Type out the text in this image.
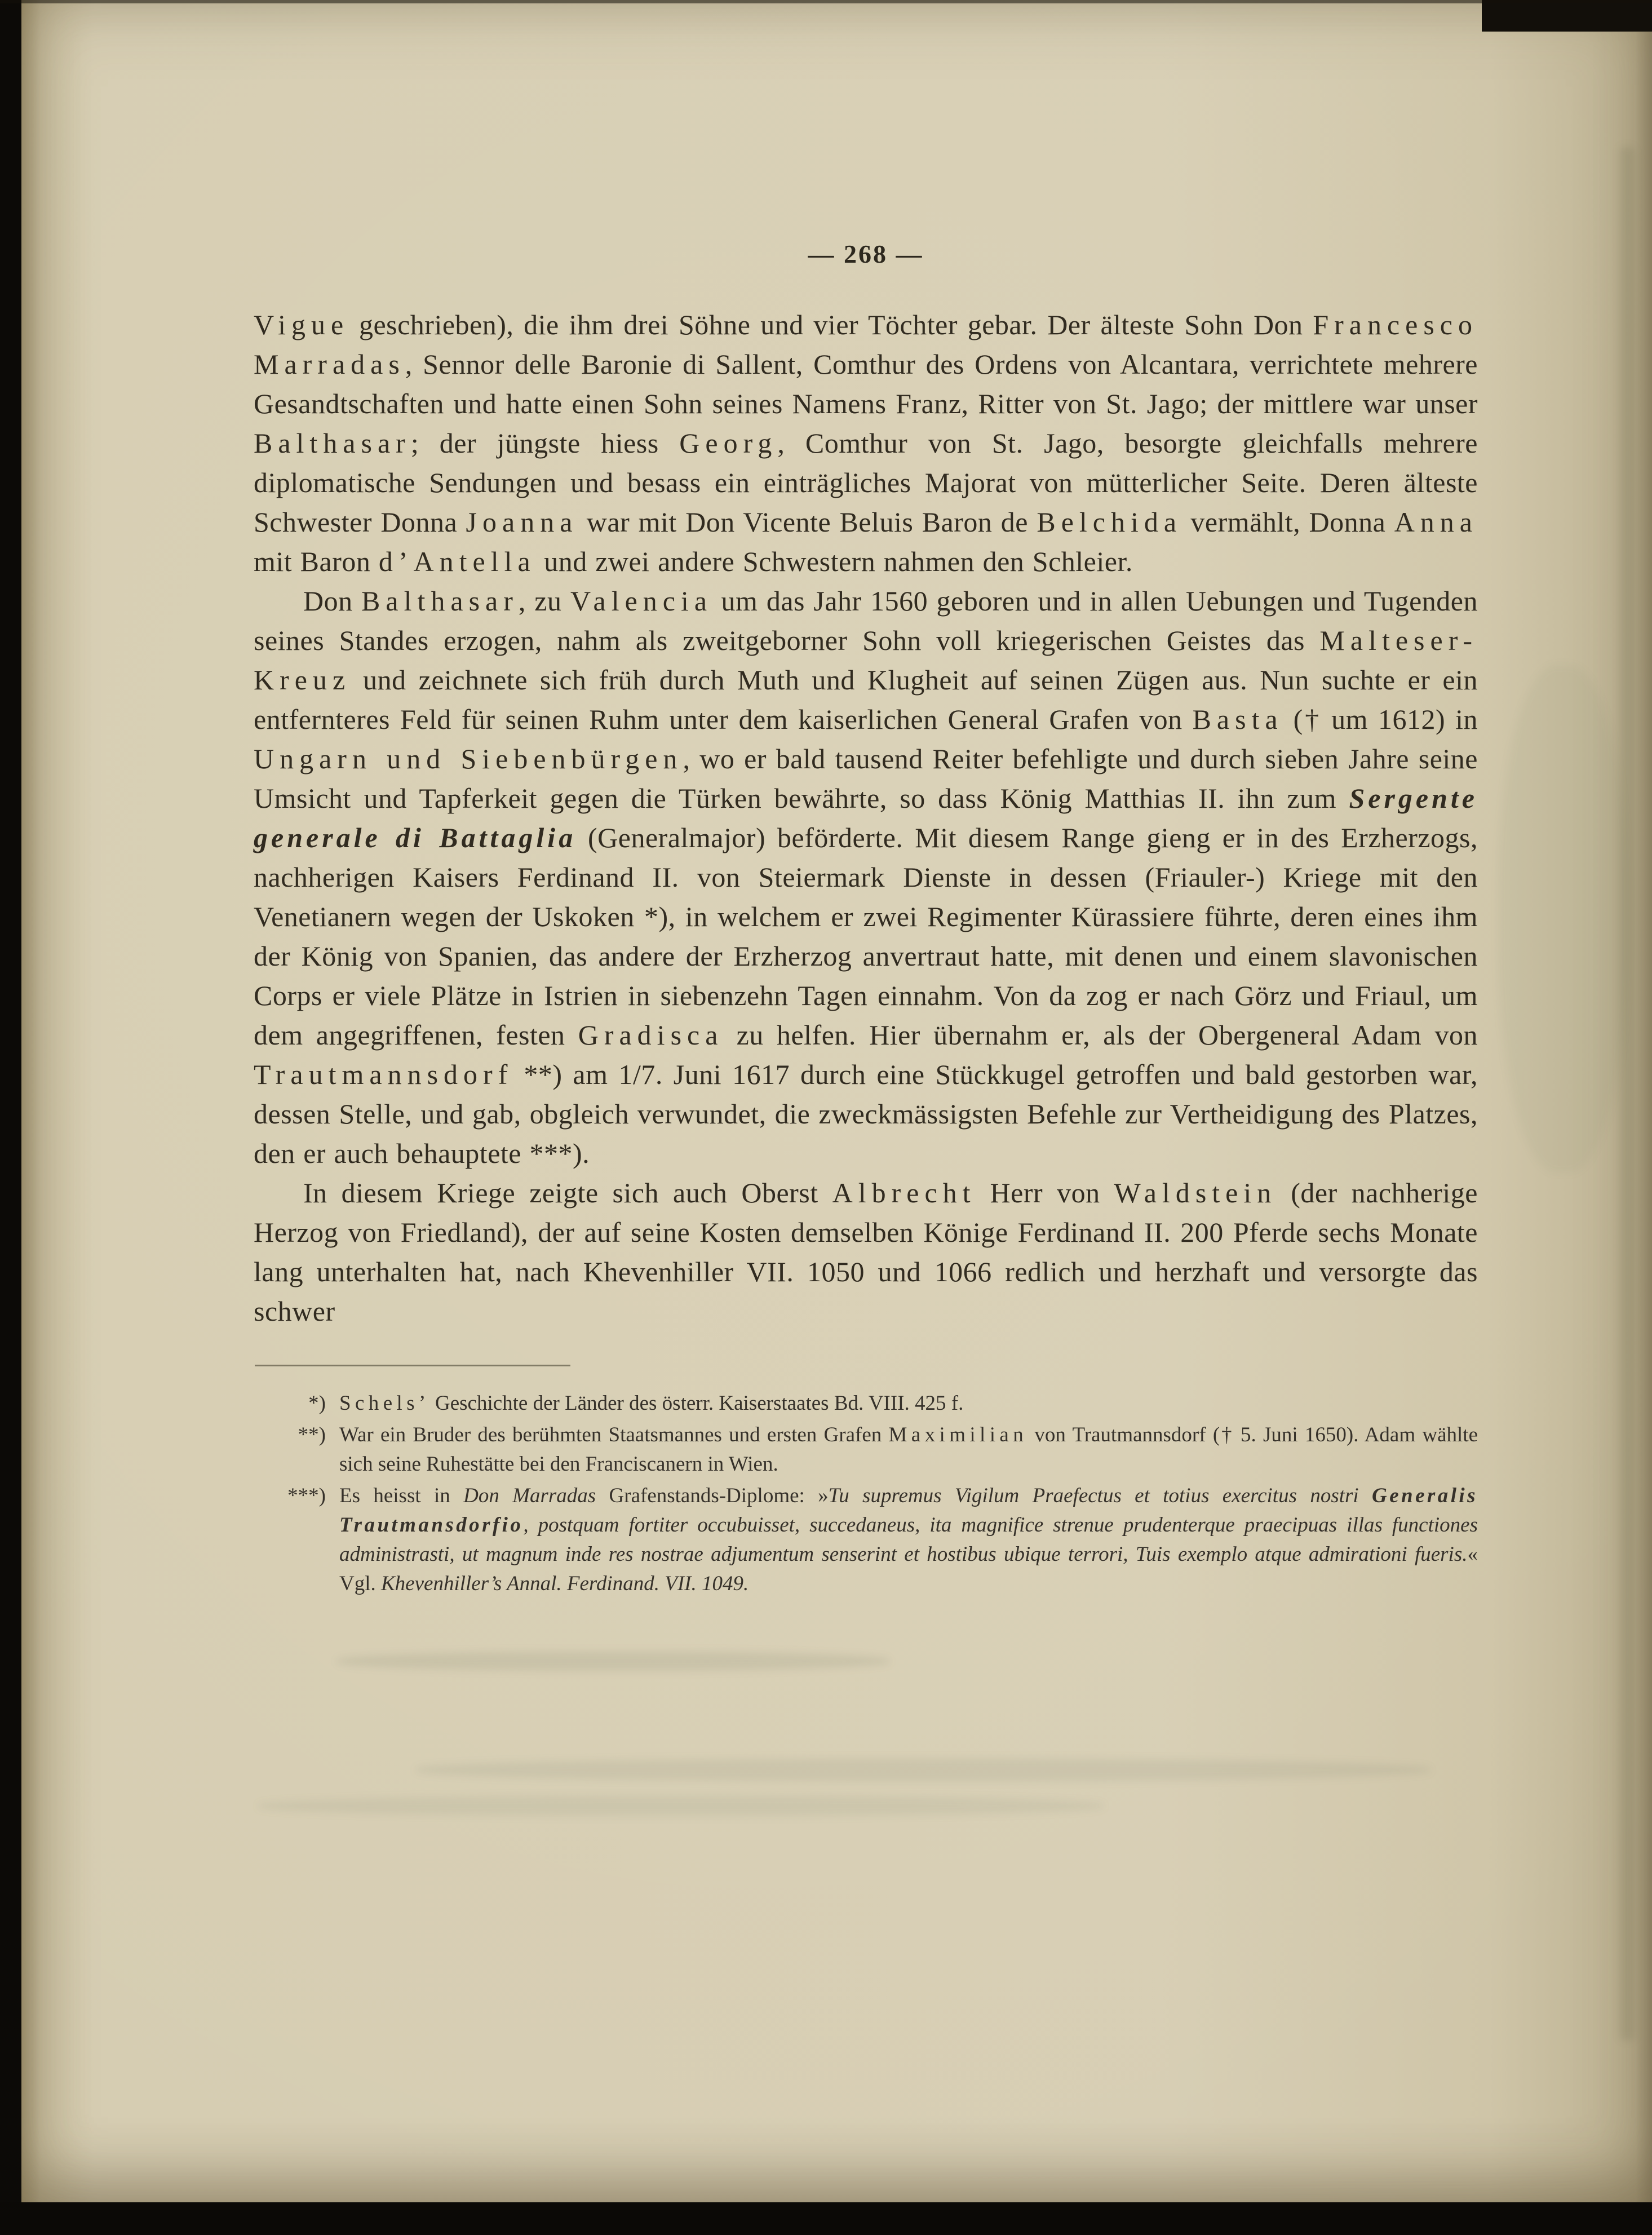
— 268 —
Vigue geschrieben), die ihm drei Söhne und vier Töchter gebar. Der älteste Sohn Don Francesco Marradas, Sennor delle Baronie di Sallent, Comthur des Ordens von Alcantara, verrichtete mehrere Gesandtschaften und hatte einen Sohn seines Namens Franz, Ritter von St. Jago; der mittlere war unser Balthasar; der jüngste hiess Georg, Comthur von St. Jago, besorgte gleichfalls mehrere diplomatische Sendungen und besass ein einträgliches Majorat von mütterlicher Seite. Deren älteste Schwester Donna Joanna war mit Don Vicente Beluis Baron de Belchida vermählt, Donna Anna mit Baron d’Antella und zwei andere Schwestern nahmen den Schleier.
Don Balthasar, zu Valencia um das Jahr 1560 geboren und in allen Uebungen und Tugenden seines Standes erzogen, nahm als zweitgeborner Sohn voll kriegerischen Geistes das Malteser-Kreuz und zeichnete sich früh durch Muth und Klugheit auf seinen Zügen aus. Nun suchte er ein entfernteres Feld für seinen Ruhm unter dem kaiserlichen General Grafen von Basta († um 1612) in Ungarn und Siebenbürgen, wo er bald tausend Reiter befehligte und durch sieben Jahre seine Umsicht und Tapferkeit gegen die Türken bewährte, so dass König Matthias II. ihn zum Sergente generale di Battaglia (Generalmajor) beförderte. Mit diesem Range gieng er in des Erzherzogs, nachherigen Kaisers Ferdinand II. von Steiermark Dienste in dessen (Friauler-) Kriege mit den Venetianern wegen der Uskoken *), in welchem er zwei Regimenter Kürassiere führte, deren eines ihm der König von Spanien, das andere der Erzherzog anvertraut hatte, mit denen und einem slavonischen Corps er viele Plätze in Istrien in siebenzehn Tagen einnahm. Von da zog er nach Görz und Friaul, um dem angegriffenen, festen Gradisca zu helfen. Hier übernahm er, als der Obergeneral Adam von Trautmannsdorf **) am 1/7. Juni 1617 durch eine Stückkugel getroffen und bald gestorben war, dessen Stelle, und gab, obgleich verwundet, die zweckmässigsten Befehle zur Vertheidigung des Platzes, den er auch behauptete ***).
In diesem Kriege zeigte sich auch Oberst Albrecht Herr von Waldstein (der nachherige Herzog von Friedland), der auf seine Kosten demselben Könige Ferdinand II. 200 Pferde sechs Monate lang unterhalten hat, nach Khevenhiller VII. 1050 und 1066 redlich und herzhaft und versorgte das schwer
*) Schels’ Geschichte der Länder des österr. Kaiserstaates Bd. VIII. 425 f.
**) War ein Bruder des berühmten Staatsmannes und ersten Grafen Maximilian von Trautmannsdorf († 5. Juni 1650). Adam wählte sich seine Ruhestätte bei den Franciscanern in Wien.
***) Es heisst in Don Marradas Grafenstands-Diplome: »Tu supremus Vigilum Praefectus et totius exercitus nostri Generalis Trautmansdorfio, postquam fortiter occubuisset, succedaneus, ita magnifice strenue prudenterque praecipuas illas functiones administrasti, ut magnum inde res nostrae adjumentum senserint et hostibus ubique terrori, Tuis exemplo atque admirationi fueris.« Vgl. Khevenhiller’s Annal. Ferdinand. VII. 1049.
